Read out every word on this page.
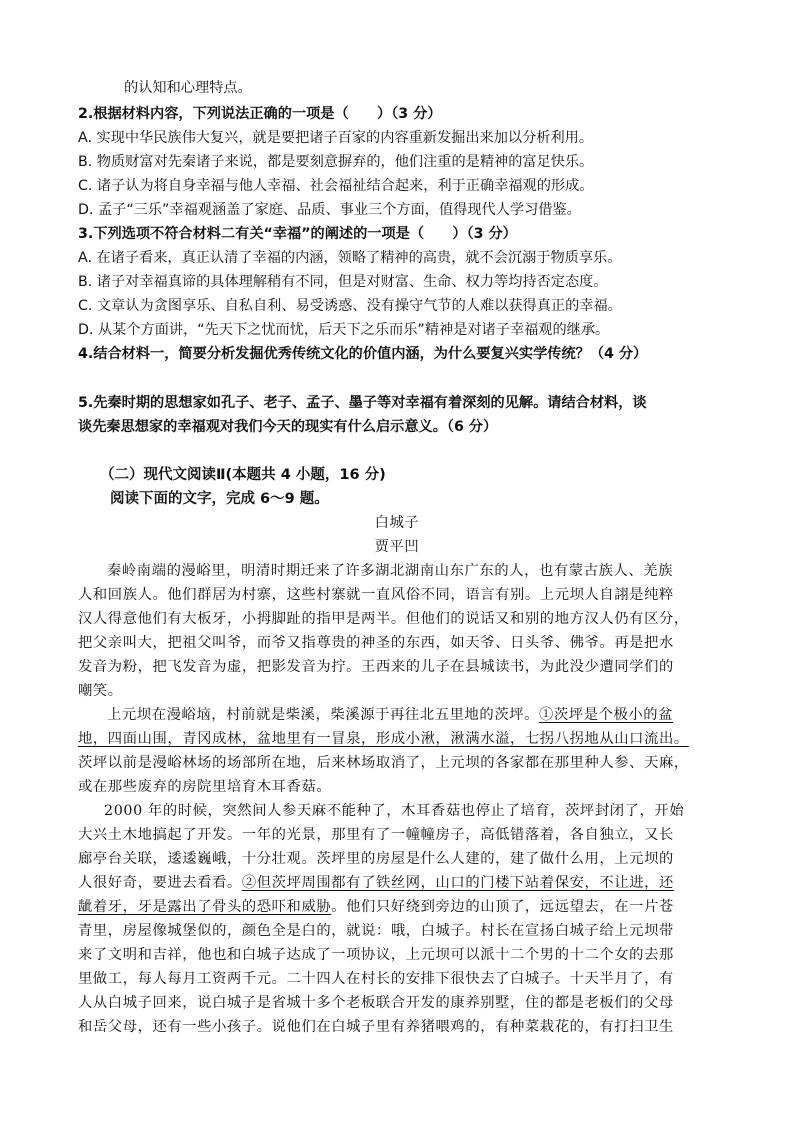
的认知和心理特点。
2.根据材料内容，下列说法正确的一项是（　　）（3 分）
A. 实现中华民族伟大复兴，就是要把诸子百家的内容重新发掘出来加以分析利用。
B. 物质财富对先秦诸子来说，都是要刻意摒弃的，他们注重的是精神的富足快乐。
C. 诸子认为将自身幸福与他人幸福、社会福祉结合起来，利于正确幸福观的形成。
D. 孟子“三乐”幸福观涵盖了家庭、品质、事业三个方面，值得现代人学习借鉴。
3.下列选项不符合材料二有关“幸福”的阐述的一项是（　　）（3 分）
A. 在诸子看来，真正认清了幸福的内涵，领略了精神的高贵，就不会沉溺于物质享乐。
B. 诸子对幸福真谛的具体理解稍有不同，但是对财富、生命、权力等均持否定态度。
C. 文章认为贪图享乐、自私自利、易受诱惑、没有操守气节的人难以获得真正的幸福。
D. 从某个方面讲，“先天下之忧而忧，后天下之乐而乐”精神是对诸子幸福观的继承。
4.结合材料一，简要分析发掘优秀传统文化的价值内涵，为什么要复兴实学传统？（4 分）
5.先秦时期的思想家如孔子、老子、孟子、墨子等对幸福有着深刻的见解。请结合材料，谈
谈先秦思想家的幸福观对我们今天的现实有什么启示意义。（6 分）
（二）现代文阅读Ⅱ(本题共 4 小题，16 分)
阅读下面的文字，完成 6～9 题。
白城子
贾平凹
秦岭南端的漫峪里，明清时期迁来了许多湖北湖南山东广东的人，也有蒙古族人、羌族
人和回族人。他们群居为村寨，这些村寨就一直风俗不同，语言有别。上元坝人自詡是纯粹
汉人得意他们有大板牙，小拇脚趾的指甲是两半。但他们的说话又和别的地方汉人仍有区分，
把父亲叫大，把祖父叫爷，而爷又指尊贵的神圣的东西，如天爷、日头爷、佛爷。再是把水
发音为粉，把飞发音为虚，把影发音为拧。王西来的儿子在县城读书，为此没少遭同学们的
嘲笑。
上元坝在漫峪垴，村前就是柴溪，柴溪源于再往北五里地的茨坪。①茨坪是个极小的盆
地，四面山围，青冈成林，盆地里有一冒泉，形成小湫，湫满水溢，七拐八拐地从山口流出。
茨坪以前是漫峪林场的场部所在地，后来林场取消了，上元坝的各家都在那里种人参、天麻，
或在那些废弃的房院里培育木耳香菇。
2000 年的时候，突然间人参天麻不能种了，木耳香菇也停止了培育，茨坪封闭了，开始
大兴土木地搞起了开发。一年的光景，那里有了一幢幢房子，高低错落着，各自独立，又长
廊亭台关联，逶逶巍峨，十分壮观。茨坪里的房屋是什么人建的，建了做什么用，上元坝的
人很好奇，要进去看看。②但茨坪周围都有了铁丝网，山口的门楼下站着保安，不让进，还
龇着牙，牙是露出了骨头的恐吓和威胁。他们只好绕到旁边的山顶了，远远望去，在一片苍
青里，房屋像城堡似的，颜色全是白的，就说：哦，白城子。村长在宣扬白城子给上元坝带
来了文明和吉祥，他也和白城子达成了一项协议，上元坝可以派十二个男的十二个女的去那
里做工，每人每月工资两千元。二十四人在村长的安排下很快去了白城子。十天半月了，有
人从白城子回来，说白城子是省城十多个老板联合开发的康养别墅，住的都是老板们的父母
和岳父母，还有一些小孩子。说他们在白城子里有养猪喂鸡的，有种菜栽花的，有打扫卫生
